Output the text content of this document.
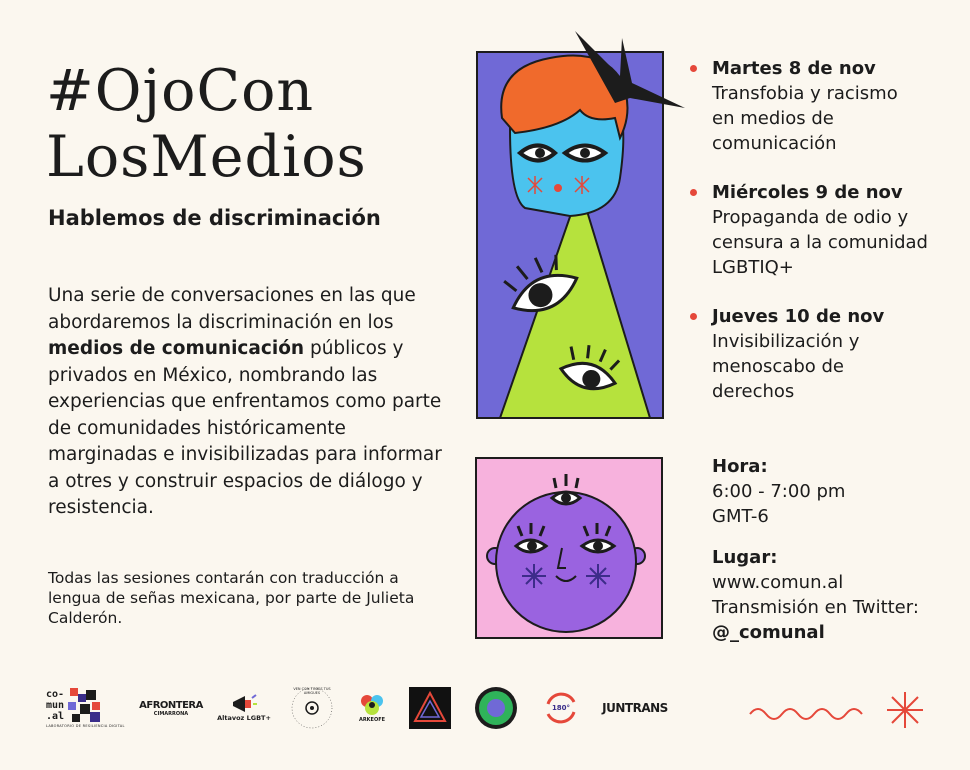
#OjoCon
LosMedios
Hablemos de discriminación
Una serie de conversaciones en las que abordaremos la discriminación en los medios de comunicación públicos y privados en México, nombrando las experiencias que enfrentamos como parte de comunidades históricamente marginadas e invisibilizadas para informar a otres y construir espacios de diálogo y resistencia.
Todas las sesiones contarán con traducción a lengua de señas mexicana, por parte de Julieta Calderón.
Martes 8 de nov
Transfobia y racismo en medios de comunicación
Miércoles 9 de nov
Propaganda de odio y censura a la comunidad LGBTIQ+
Jueves 10 de nov
Invisibilización y menoscabo de derechos
Hora:
6:00 - 7:00 pm
GMT-6
Lugar:
www.comun.al
Transmisión en Twitter: @_comunal
co-
mun
.al
LABORATORIO DE RESILIENCIA DIGITAL
AFRONTERA
CIMARRONA
Altavoz LGBT+
VEN CON TODES TUS AMIGUES
ARKEOFE
180°	JUNTRANS
